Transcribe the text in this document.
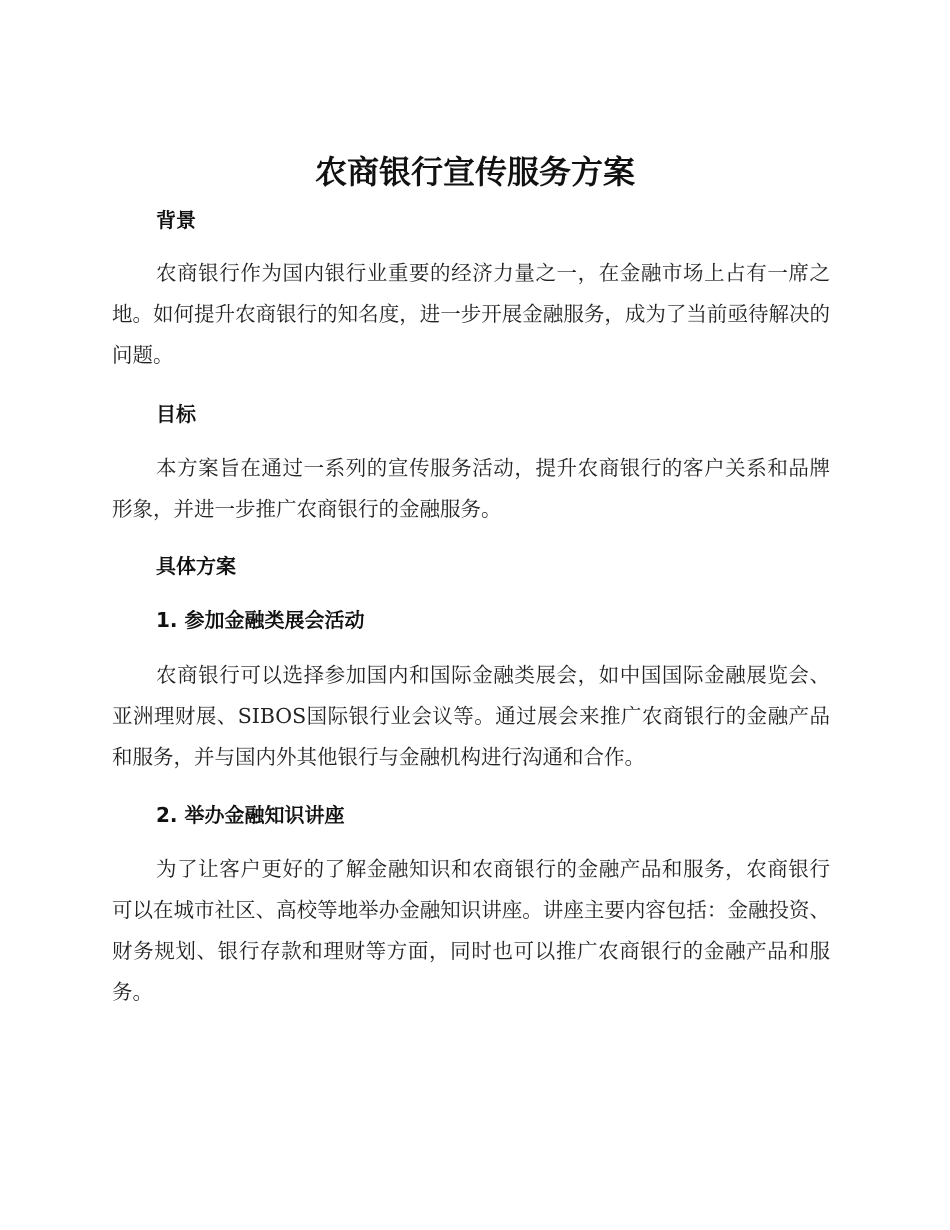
农商银行宣传服务方案
背景

农商银行作为国内银行业重要的经济力量之一，在金融市场上占有一席之地。如何提升农商银行的知名度，进一步开展金融服务，成为了当前亟待解决的问题。

目标

本方案旨在通过一系列的宣传服务活动，提升农商银行的客户关系和品牌形象，并进一步推广农商银行的金融服务。

具体方案
1. 参加金融类展会活动

农商银行可以选择参加国内和国际金融类展会，如中国国际金融展览会、亚洲理财展、SIBOS国际银行业会议等。通过展会来推广农商银行的金融产品和服务，并与国内外其他银行与金融机构进行沟通和合作。

2. 举办金融知识讲座

为了让客户更好的了解金融知识和农商银行的金融产品和服务，农商银行可以在城市社区、高校等地举办金融知识讲座。讲座主要内容包括：金融投资、财务规划、银行存款和理财等方面，同时也可以推广农商银行的金融产品和服务。
